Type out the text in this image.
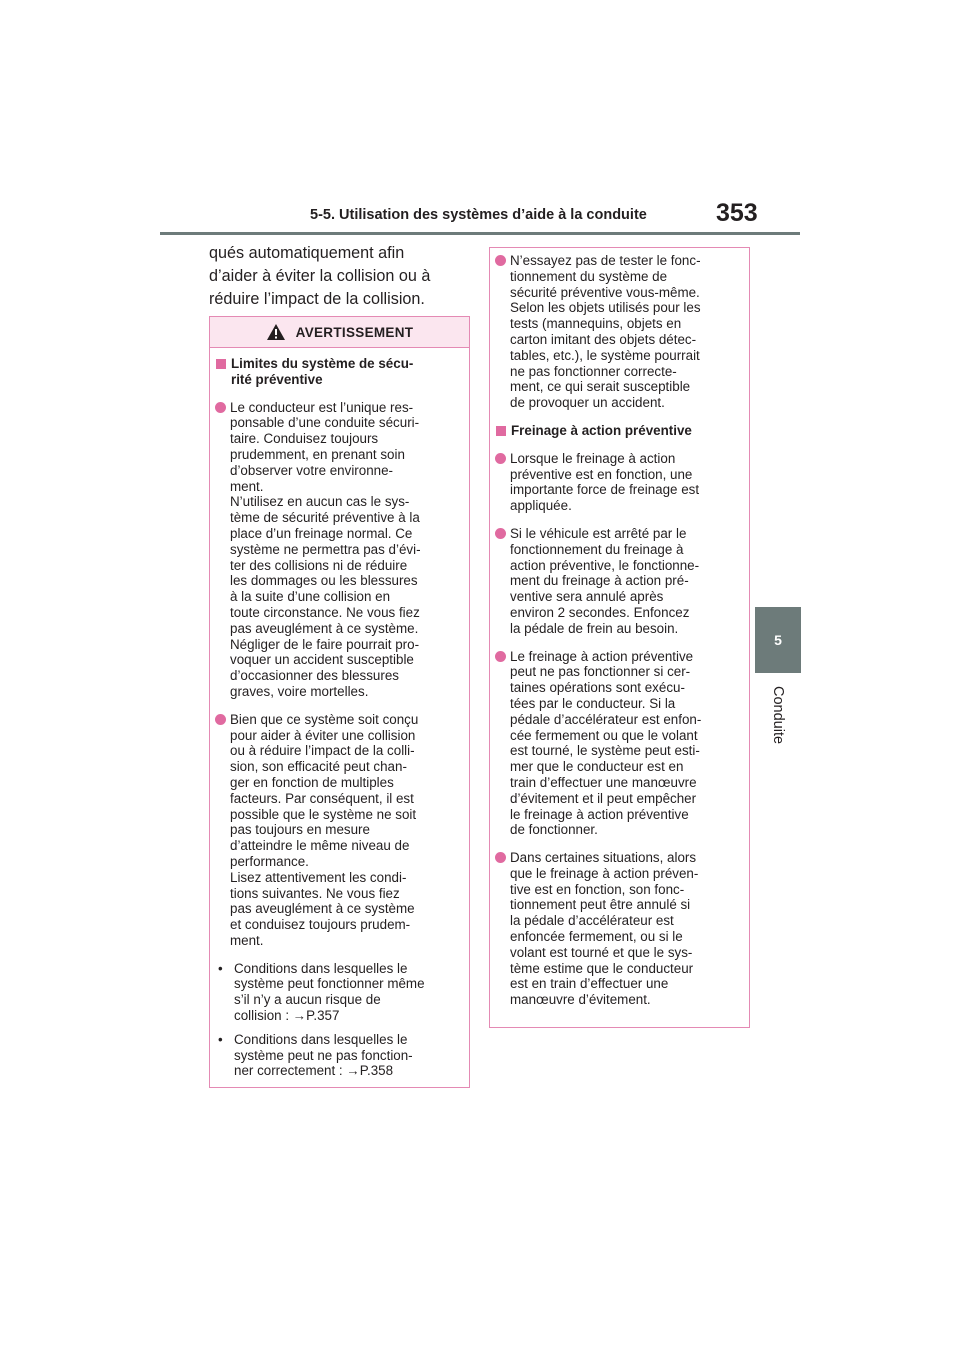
5-5. Utilisation des systèmes d’aide à la conduite	353
5
Conduite
qués automatiquement afin
d’aider à éviter la collision ou à
réduire l’impact de la collision.
AVERTISSEMENT
Limites du système de sécu-
rité préventive
Le conducteur est l’unique res-
ponsable d’une conduite sécuri-
taire. Conduisez toujours
prudemment, en prenant soin
d’observer votre environne-
ment.
N’utilisez en aucun cas le sys-
tème de sécurité préventive à la
place d’un freinage normal. Ce
système ne permettra pas d’évi-
ter des collisions ni de réduire
les dommages ou les blessures
à la suite d’une collision en
toute circonstance. Ne vous fiez
pas aveuglément à ce système.
Négliger de le faire pourrait pro-
voquer un accident susceptible
d’occasionner des blessures
graves, voire mortelles.
Bien que ce système soit conçu
pour aider à éviter une collision
ou à réduire l’impact de la colli-
sion, son efficacité peut chan-
ger en fonction de multiples
facteurs. Par conséquent, il est
possible que le système ne soit
pas toujours en mesure
d’atteindre le même niveau de
performance.
Lisez attentivement les condi-
tions suivantes. Ne vous fiez
pas aveuglément à ce système
et conduisez toujours prudem-
ment.
• Conditions dans lesquelles le
système peut fonctionner même
s’il n’y a aucun risque de
collision : →P.357
• Conditions dans lesquelles le
système peut ne pas fonction-
ner correctement : →P.358
N’essayez pas de tester le fonc-
tionnement du système de
sécurité préventive vous-même.
Selon les objets utilisés pour les
tests (mannequins, objets en
carton imitant des objets détec-
tables, etc.), le système pourrait
ne pas fonctionner correcte-
ment, ce qui serait susceptible
de provoquer un accident.
Freinage à action préventive
Lorsque le freinage à action
préventive est en fonction, une
importante force de freinage est
appliquée.
Si le véhicule est arrêté par le
fonctionnement du freinage à
action préventive, le fonctionne-
ment du freinage à action pré-
ventive sera annulé après
environ 2 secondes. Enfoncez
la pédale de frein au besoin.
Le freinage à action préventive
peut ne pas fonctionner si cer-
taines opérations sont exécu-
tées par le conducteur. Si la
pédale d’accélérateur est enfon-
cée fermement ou que le volant
est tourné, le système peut esti-
mer que le conducteur est en
train d’effectuer une manœuvre
d’évitement et il peut empêcher
le freinage à action préventive
de fonctionner.
Dans certaines situations, alors
que le freinage à action préven-
tive est en fonction, son fonc-
tionnement peut être annulé si
la pédale d’accélérateur est
enfoncée fermement, ou si le
volant est tourné et que le sys-
tème estime que le conducteur
est en train d’effectuer une
manœuvre d’évitement.
